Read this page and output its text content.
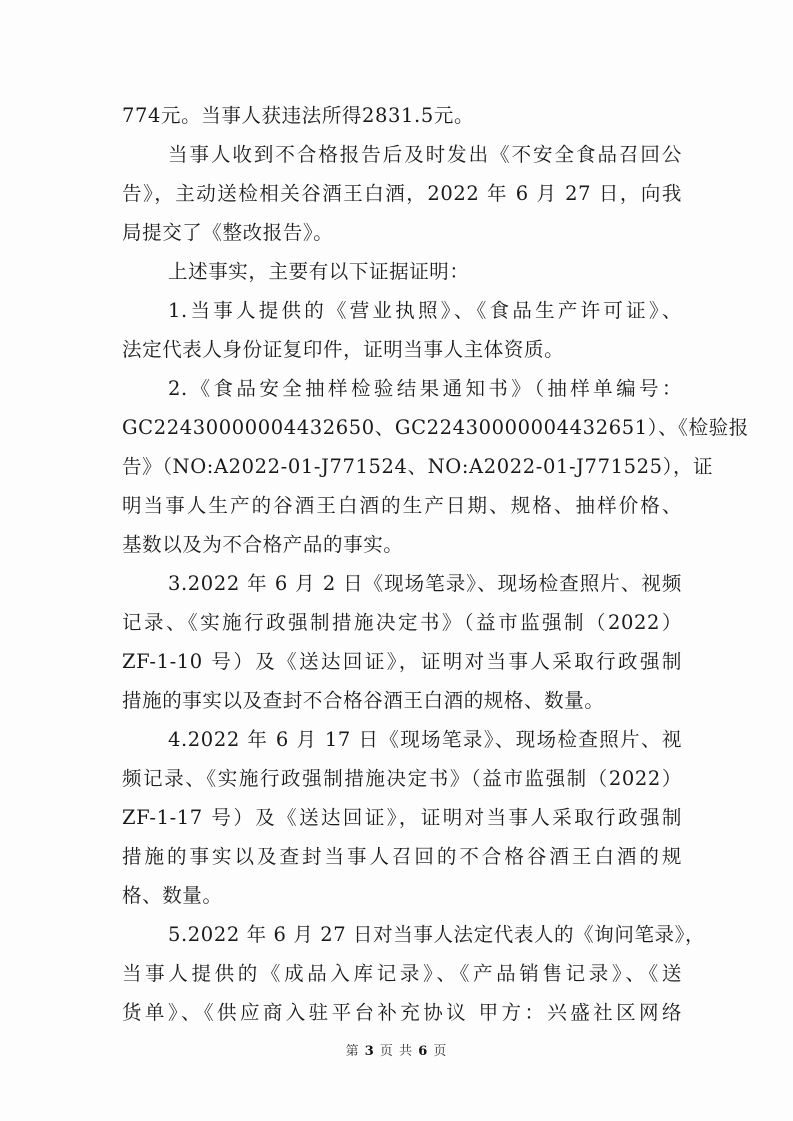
774元。当事人获违法所得2831.5元。
当事人收到不合格报告后及时发出《不安全食品召回公
告》，主动送检相关谷酒王白酒，2022 年 6 月 27 日，向我
局提交了《整改报告》。
上述事实，主要有以下证据证明：
1.当事人提供的《营业执照》、《食品生产许可证》、
法定代表人身份证复印件，证明当事人主体资质。
2.《食品安全抽样检验结果通知书》（抽样单编号：
GC22430000004432650、GC22430000004432651）、《检验报
告》（NO:A2022-01-J771524、NO:A2022-01-J771525），证
明当事人生产的谷酒王白酒的生产日期、规格、抽样价格、
基数以及为不合格产品的事实。
3.2022 年 6 月 2 日《现场笔录》、现场检查照片、视频
记录、《实施行政强制措施决定书》（益市监强制（2022）
ZF-1-10 号）及《送达回证》，证明对当事人采取行政强制
措施的事实以及查封不合格谷酒王白酒的规格、数量。
4.2022 年 6 月 17 日《现场笔录》、现场检查照片、视
频记录、《实施行政强制措施决定书》（益市监强制（2022）
ZF-1-17 号）及《送达回证》，证明对当事人采取行政强制
措施的事实以及查封当事人召回的不合格谷酒王白酒的规
格、数量。
5.2022 年 6 月 27 日对当事人法定代表人的《询问笔录》，
当事人提供的《成品入库记录》、《产品销售记录》、《送
货单》、《供应商入驻平台补充协议 甲方：兴盛社区网络
第 3 页 共 6 页
